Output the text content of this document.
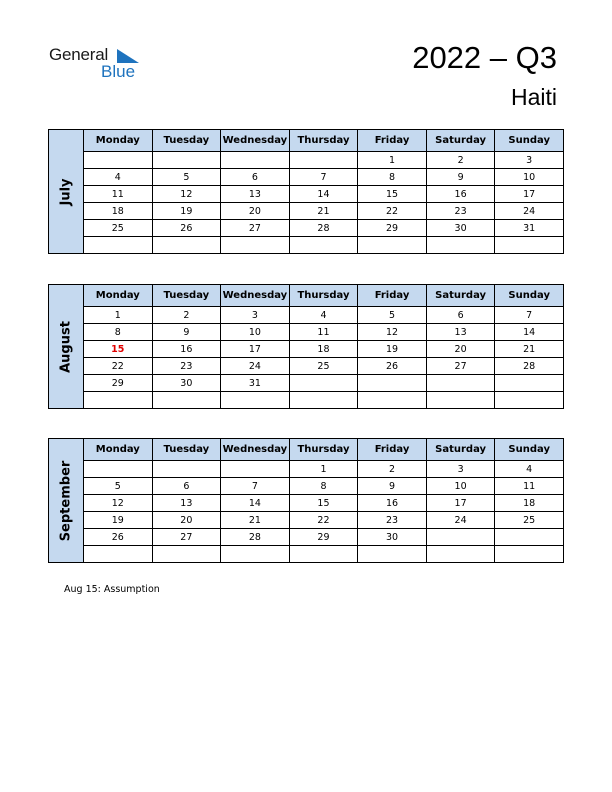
General
Blue	2022 – Q3
Haiti
July	Monday	Tuesday	Wednesday	Thursday	Friday	Saturday	Sunday
					1	2	3
	4	5	6	7	8	9	10
	11	12	13	14	15	16	17
	18	19	20	21	22	23	24
	25	26	27	28	29	30	31

August	Monday	Tuesday	Wednesday	Thursday	Friday	Saturday	Sunday
	1	2	3	4	5	6	7
	8	9	10	11	12	13	14
	15	16	17	18	19	20	21
	22	23	24	25	26	27	28
	29	30	31				

September	Monday	Tuesday	Wednesday	Thursday	Friday	Saturday	Sunday
				1	2	3	4
	5	6	7	8	9	10	11
	12	13	14	15	16	17	18
	19	20	21	22	23	24	25
	26	27	28	29	30		

Aug 15: Assumption
